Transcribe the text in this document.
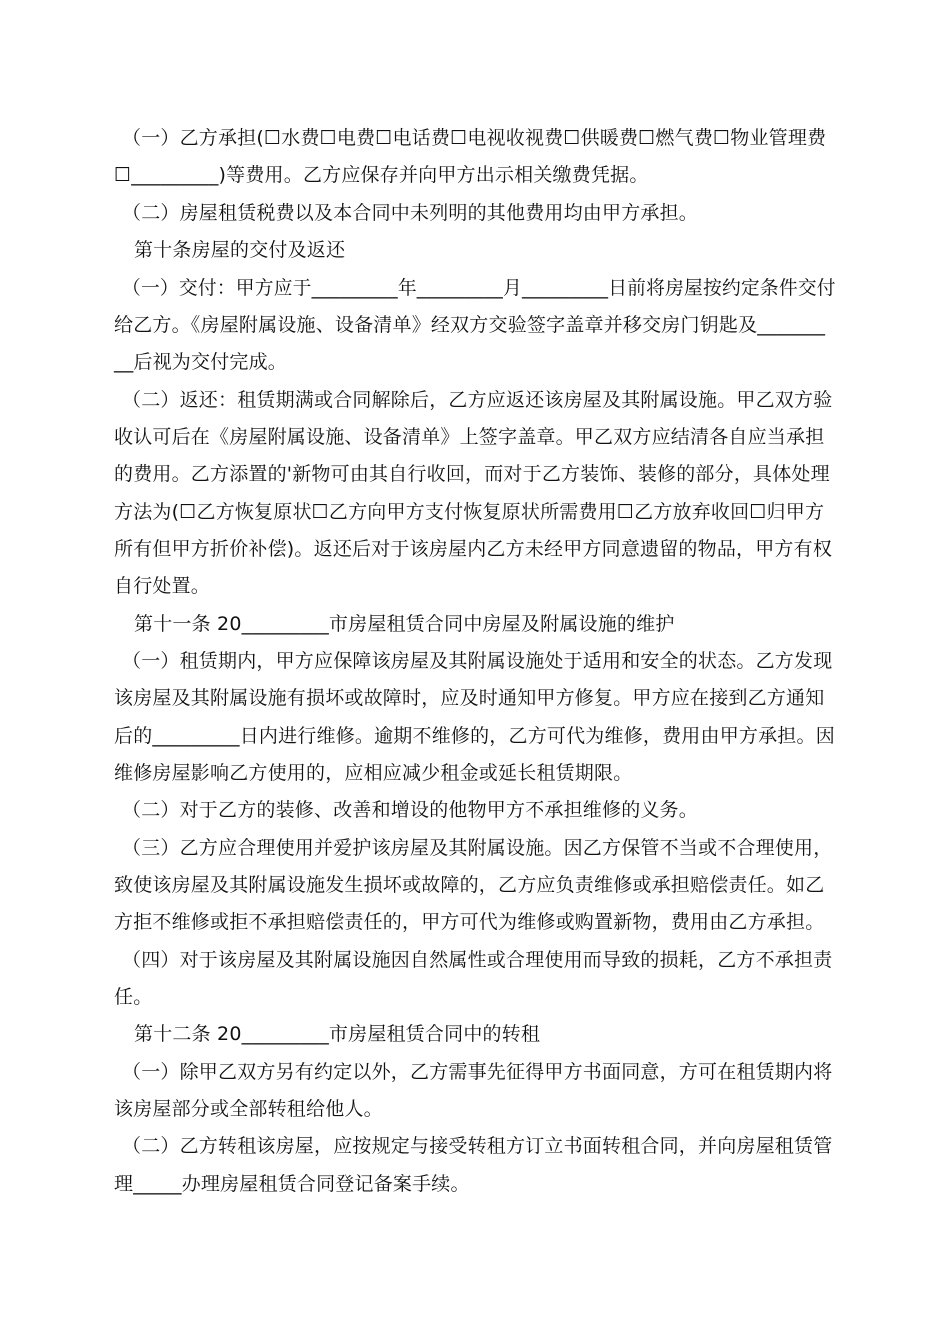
（一）乙方承担(☐水费☐电费☐电话费☐电视收视费☐供暖费☐燃气费☐物业管理费
☐_________)等费用。乙方应保存并向甲方出示相关缴费凭据。
（二）房屋租赁税费以及本合同中未列明的其他费用均由甲方承担。
第十条房屋的交付及返还
（一）交付：甲方应于_________年_________月_________日前将房屋按约定条件交付
给乙方。《房屋附属设施、设备清单》经双方交验签字盖章并移交房门钥匙及_______
__后视为交付完成。
（二）返还：租赁期满或合同解除后，乙方应返还该房屋及其附属设施。甲乙双方验
收认可后在《房屋附属设施、设备清单》上签字盖章。甲乙双方应结清各自应当承担
的费用。乙方添置的'新物可由其自行收回，而对于乙方装饰、装修的部分，具体处理
方法为(☐乙方恢复原状☐乙方向甲方支付恢复原状所需费用☐乙方放弃收回☐归甲方
所有但甲方折价补偿)。返还后对于该房屋内乙方未经甲方同意遗留的物品，甲方有权
自行处置。
第十一条 20_________市房屋租赁合同中房屋及附属设施的维护
（一）租赁期内，甲方应保障该房屋及其附属设施处于适用和安全的状态。乙方发现
该房屋及其附属设施有损坏或故障时，应及时通知甲方修复。甲方应在接到乙方通知
后的_________日内进行维修。逾期不维修的，乙方可代为维修，费用由甲方承担。因
维修房屋影响乙方使用的，应相应减少租金或延长租赁期限。
（二）对于乙方的装修、改善和增设的他物甲方不承担维修的义务。
（三）乙方应合理使用并爱护该房屋及其附属设施。因乙方保管不当或不合理使用，
致使该房屋及其附属设施发生损坏或故障的，乙方应负责维修或承担赔偿责任。如乙
方拒不维修或拒不承担赔偿责任的，甲方可代为维修或购置新物，费用由乙方承担。
（四）对于该房屋及其附属设施因自然属性或合理使用而导致的损耗，乙方不承担责
任。
第十二条 20_________市房屋租赁合同中的转租
（一）除甲乙双方另有约定以外，乙方需事先征得甲方书面同意，方可在租赁期内将
该房屋部分或全部转租给他人。
（二）乙方转租该房屋，应按规定与接受转租方订立书面转租合同，并向房屋租赁管
理_____办理房屋租赁合同登记备案手续。
